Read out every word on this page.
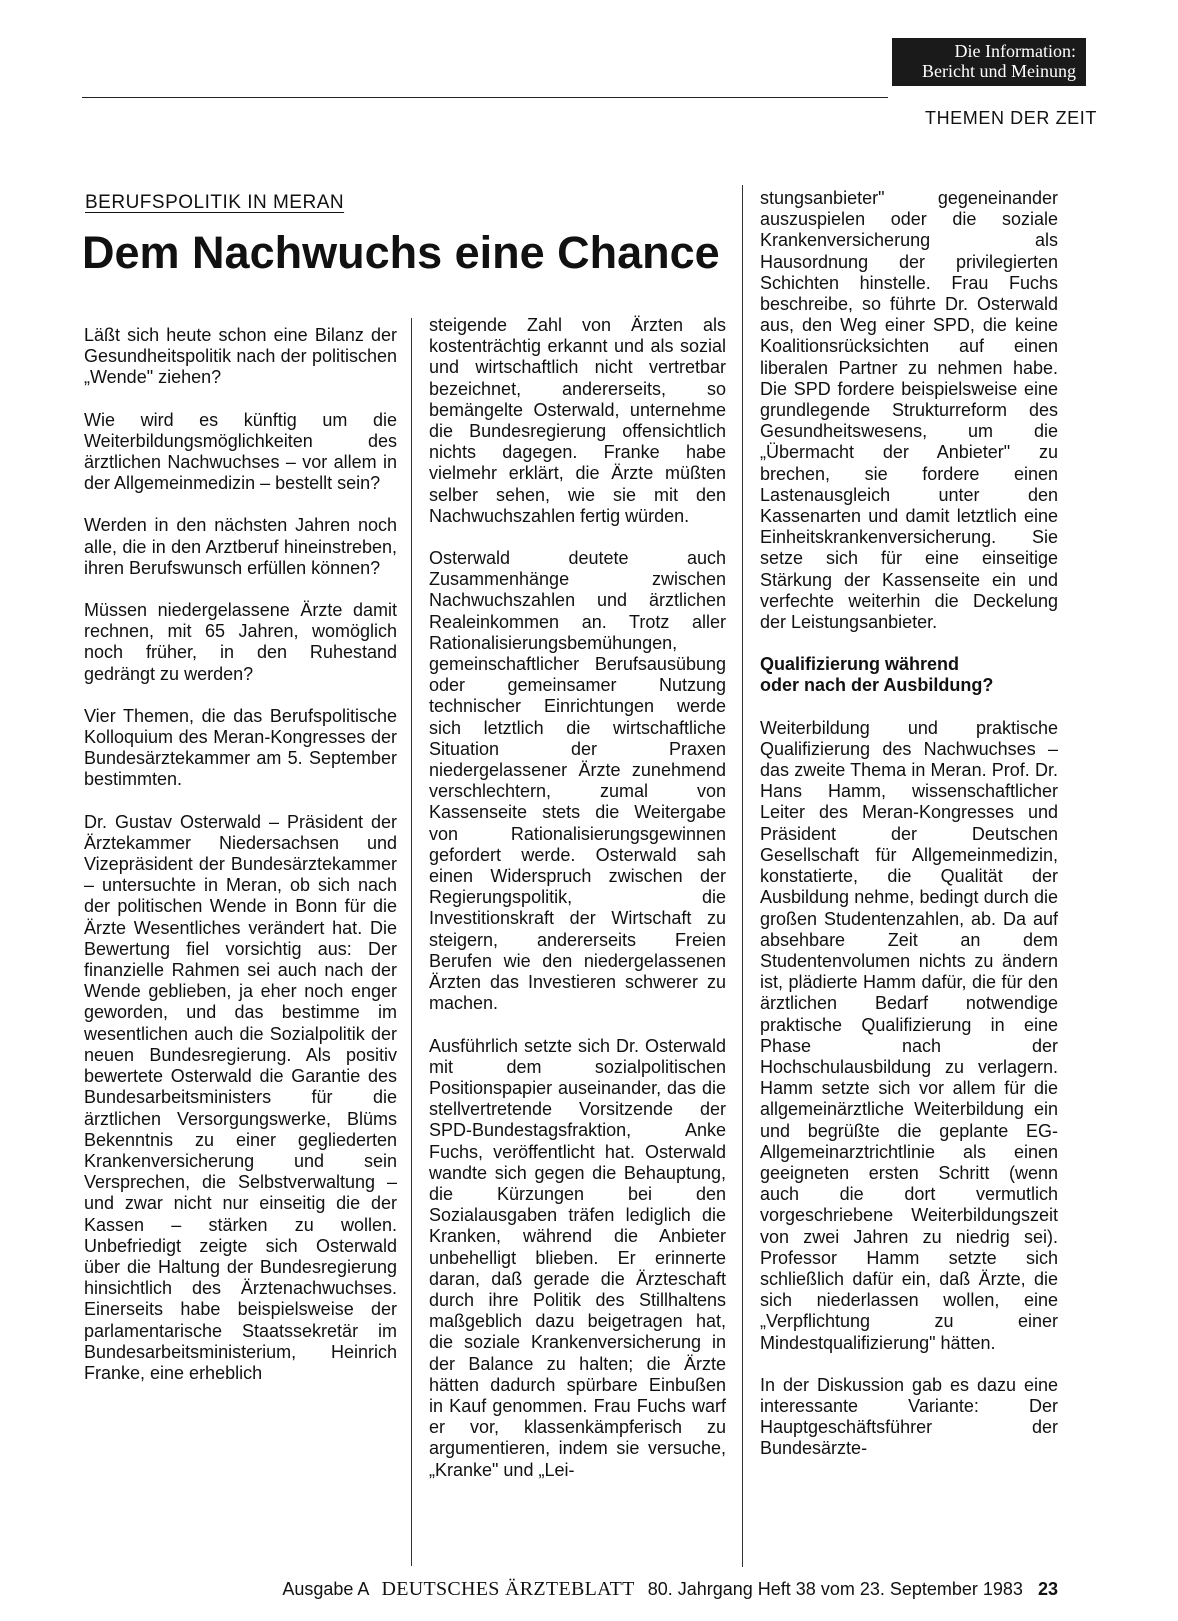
Die Information:
Bericht und Meinung
THEMEN DER ZEIT
BERUFSPOLITIK IN MERAN
Dem Nachwuchs eine Chance

Läßt sich heute schon eine Bilanz der Gesundheitspolitik nach der politischen „Wende" ziehen?

Wie wird es künftig um die Weiterbildungsmöglichkeiten des ärztlichen Nachwuchses – vor allem in der Allgemeinmedizin – bestellt sein?

Werden in den nächsten Jahren noch alle, die in den Arztberuf hineinstreben, ihren Berufswunsch erfüllen können?

Müssen niedergelassene Ärzte damit rechnen, mit 65 Jahren, womöglich noch früher, in den Ruhestand gedrängt zu werden?

Vier Themen, die das Berufspolitische Kolloquium des Meran-Kongresses der Bundesärztekammer am 5. September bestimmten.

Dr. Gustav Osterwald – Präsident der Ärztekammer Niedersachsen und Vizepräsident der Bundesärztekammer – untersuchte in Meran, ob sich nach der politischen Wende in Bonn für die Ärzte Wesentliches verändert hat. Die Bewertung fiel vorsichtig aus: Der finanzielle Rahmen sei auch nach der Wende geblieben, ja eher noch enger geworden, und das bestimme im wesentlichen auch die Sozialpolitik der neuen Bundesregierung. Als positiv bewertete Osterwald die Garantie des Bundesarbeitsministers für die ärztlichen Versorgungswerke, Blüms Bekenntnis zu einer gegliederten Krankenversicherung und sein Versprechen, die Selbstverwaltung – und zwar nicht nur einseitig die der Kassen – stärken zu wollen. Unbefriedigt zeigte sich Osterwald über die Haltung der Bundesregierung hinsichtlich des Ärztenachwuchses. Einerseits habe beispielsweise der parlamentarische Staatssekretär im Bundesarbeitsministerium, Heinrich Franke, eine erheblich

steigende Zahl von Ärzten als kostenträchtig erkannt und als sozial und wirtschaftlich nicht vertretbar bezeichnet, andererseits, so bemängelte Osterwald, unternehme die Bundesregierung offensichtlich nichts dagegen. Franke habe vielmehr erklärt, die Ärzte müßten selber sehen, wie sie mit den Nachwuchszahlen fertig würden.

Osterwald deutete auch Zusammenhänge zwischen Nachwuchszahlen und ärztlichen Realeinkommen an. Trotz aller Rationalisierungsbemühungen, gemeinschaftlicher Berufsausübung oder gemeinsamer Nutzung technischer Einrichtungen werde sich letztlich die wirtschaftliche Situation der Praxen niedergelassener Ärzte zunehmend verschlechtern, zumal von Kassenseite stets die Weitergabe von Rationalisierungsgewinnen gefordert werde. Osterwald sah einen Widerspruch zwischen der Regierungspolitik, die Investitionskraft der Wirtschaft zu steigern, andererseits Freien Berufen wie den niedergelassenen Ärzten das Investieren schwerer zu machen.

Ausführlich setzte sich Dr. Osterwald mit dem sozialpolitischen Positionspapier auseinander, das die stellvertretende Vorsitzende der SPD-Bundestagsfraktion, Anke Fuchs, veröffentlicht hat. Osterwald wandte sich gegen die Behauptung, die Kürzungen bei den Sozialausgaben träfen lediglich die Kranken, während die Anbieter unbehelligt blieben. Er erinnerte daran, daß gerade die Ärzteschaft durch ihre Politik des Stillhaltens maßgeblich dazu beigetragen hat, die soziale Krankenversicherung in der Balance zu halten; die Ärzte hätten dadurch spürbare Einbußen in Kauf genommen. Frau Fuchs warf er vor, klassenkämpferisch zu argumentieren, indem sie versuche, „Kranke" und „Lei-

stungsanbieter" gegeneinander auszuspielen oder die soziale Krankenversicherung als Hausordnung der privilegierten Schichten hinstelle. Frau Fuchs beschreibe, so führte Dr. Osterwald aus, den Weg einer SPD, die keine Koalitionsrücksichten auf einen liberalen Partner zu nehmen habe. Die SPD fordere beispielsweise eine grundlegende Strukturreform des Gesundheitswesens, um die „Übermacht der Anbieter" zu brechen, sie fordere einen Lastenausgleich unter den Kassenarten und damit letztlich eine Einheitskrankenversicherung. Sie setze sich für eine einseitige Stärkung der Kassenseite ein und verfechte weiterhin die Deckelung der Leistungsanbieter.

Qualifizierung während
oder nach der Ausbildung?

Weiterbildung und praktische Qualifizierung des Nachwuchses – das zweite Thema in Meran. Prof. Dr. Hans Hamm, wissenschaftlicher Leiter des Meran-Kongresses und Präsident der Deutschen Gesellschaft für Allgemeinmedizin, konstatierte, die Qualität der Ausbildung nehme, bedingt durch die großen Studentenzahlen, ab. Da auf absehbare Zeit an dem Studentenvolumen nichts zu ändern ist, plädierte Hamm dafür, die für den ärztlichen Bedarf notwendige praktische Qualifizierung in eine Phase nach der Hochschulausbildung zu verlagern. Hamm setzte sich vor allem für die allgemeinärztliche Weiterbildung ein und begrüßte die geplante EG-Allgemeinarztrichtlinie als einen geeigneten ersten Schritt (wenn auch die dort vermutlich vorgeschriebene Weiterbildungszeit von zwei Jahren zu niedrig sei). Professor Hamm setzte sich schließlich dafür ein, daß Ärzte, die sich niederlassen wollen, eine „Verpflichtung zu einer Mindestqualifizierung" hätten.

In der Diskussion gab es dazu eine interessante Variante: Der Hauptgeschäftsführer der Bundesärzte-

Ausgabe A DEUTSCHES ÄRZTEBLATT 80. Jahrgang Heft 38 vom 23. September 1983 23
